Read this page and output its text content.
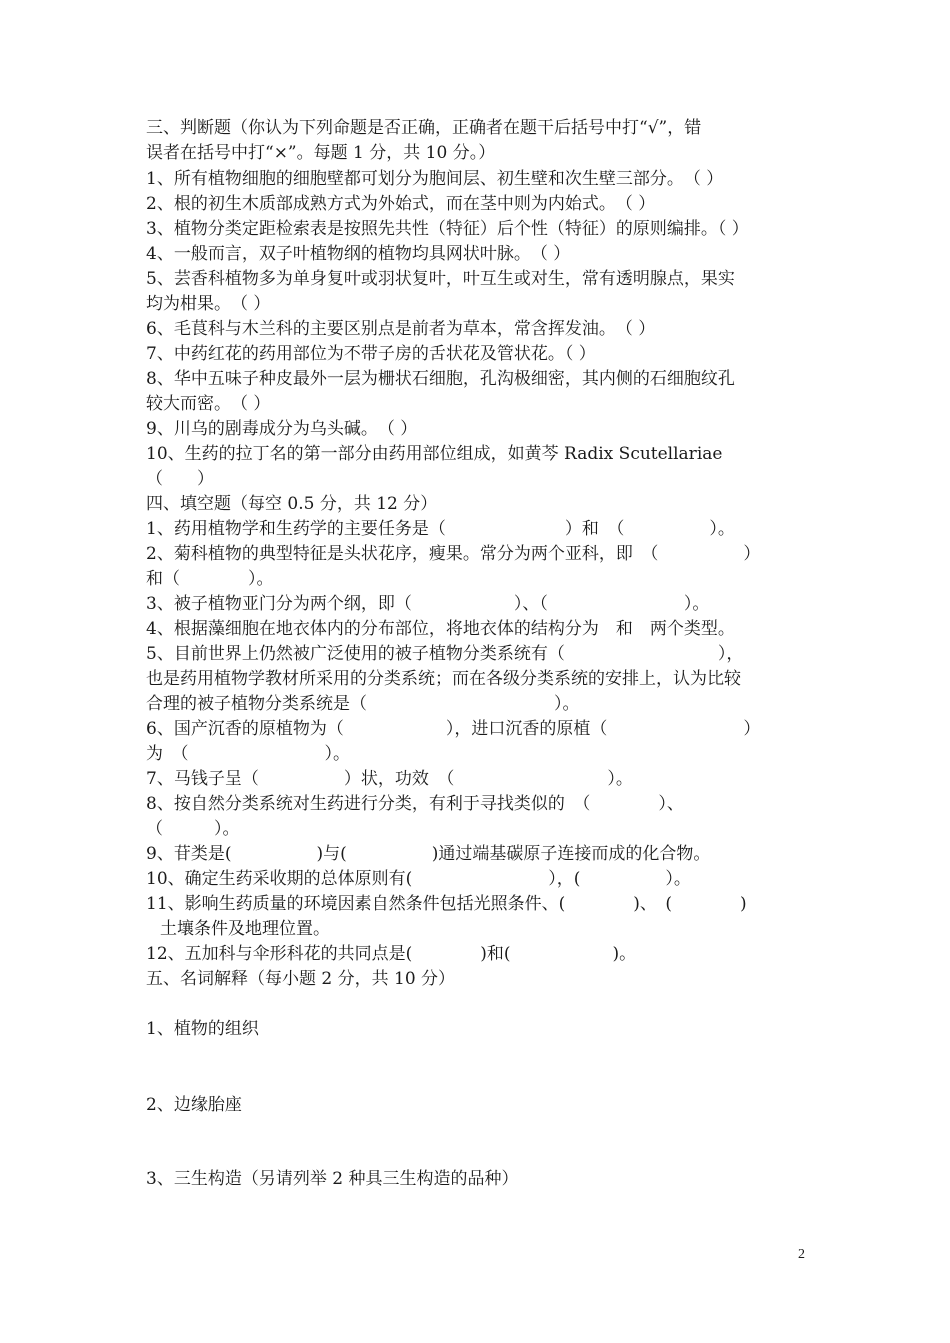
三、判断题（你认为下列命题是否正确，正确者在题干后括号中打“√”，错
误者在括号中打“×”。每题 1 分，共 10 分。）
1、所有植物细胞的细胞壁都可划分为胞间层、初生壁和次生壁三部分。　（ ）
2、根的初生木质部成熟方式为外始式，而在茎中则为内始式。　（ ）
3、植物分类定距检索表是按照先共性（特征）后个性（特征）的原则编排。（ ）
4、一般而言，双子叶植物纲的植物均具网状叶脉。　（ ）
5、芸香科植物多为单身复叶或羽状复叶，叶互生或对生，常有透明腺点，果实
均为柑果。　（ ）
6、毛茛科与木兰科的主要区别点是前者为草本，常含挥发油。　（ ）
7、中药红花的药用部位为不带子房的舌状花及管状花。（ ）
8、华中五味子种皮最外一层为栅状石细胞，孔沟极细密，其内侧的石细胞纹孔
较大而密。　（ ）
9、川乌的剧毒成分为乌头碱。　（ ）
10、生药的拉丁名的第一部分由药用部位组成，如黄芩 Radix Scutellariae
（　　）
四、填空题（每空 0.5 分，共 12 分）
1、药用植物学和生药学的主要任务是（　　　　　　　）和　（　　　　　）。
2、菊科植物的典型特征是头状花序，瘦果。常分为两个亚科，即　（　　　　　）
和（　　　　）。
3、被子植物亚门分为两个纲，即（　　　　　　）、（　　　　　　　　）。
4、根据藻细胞在地衣体内的分布部位，将地衣体的结构分为　和　两个类型。
5、目前世界上仍然被广泛使用的被子植物分类系统有（　　　　　　　　　），
也是药用植物学教材所采用的分类系统；而在各级分类系统的安排上，认为比较
合理的被子植物分类系统是（　　　　　　　　　　　）。
6、国产沉香的原植物为（　　　　　　），进口沉香的原植（　　　　　　　　）
为　（　　　　　　　　）。
7、马钱子呈（　　　　　）状，功效　（　　　　　　　　　）。
8、按自然分类系统对生药进行分类，有利于寻找类似的　（　　　　）、
（　　　）。
9、苷类是(　　　　　)与(　　　　　)通过端基碳原子连接而成的化合物。
10、确定生药采收期的总体原则有(　　　　　　　　），(　　　　　）。
11、影响生药质量的环境因素自然条件包括光照条件、(　　　　)、　(　　　　)
土壤条件及地理位置。
12、五加科与伞形科花的共同点是(　　　　)和(　　　　　　)。
五、名词解释（每小题 2 分，共 10 分）
1、植物的组织
2、边缘胎座
3、三生构造（另请列举 2 种具三生构造的品种）
2
